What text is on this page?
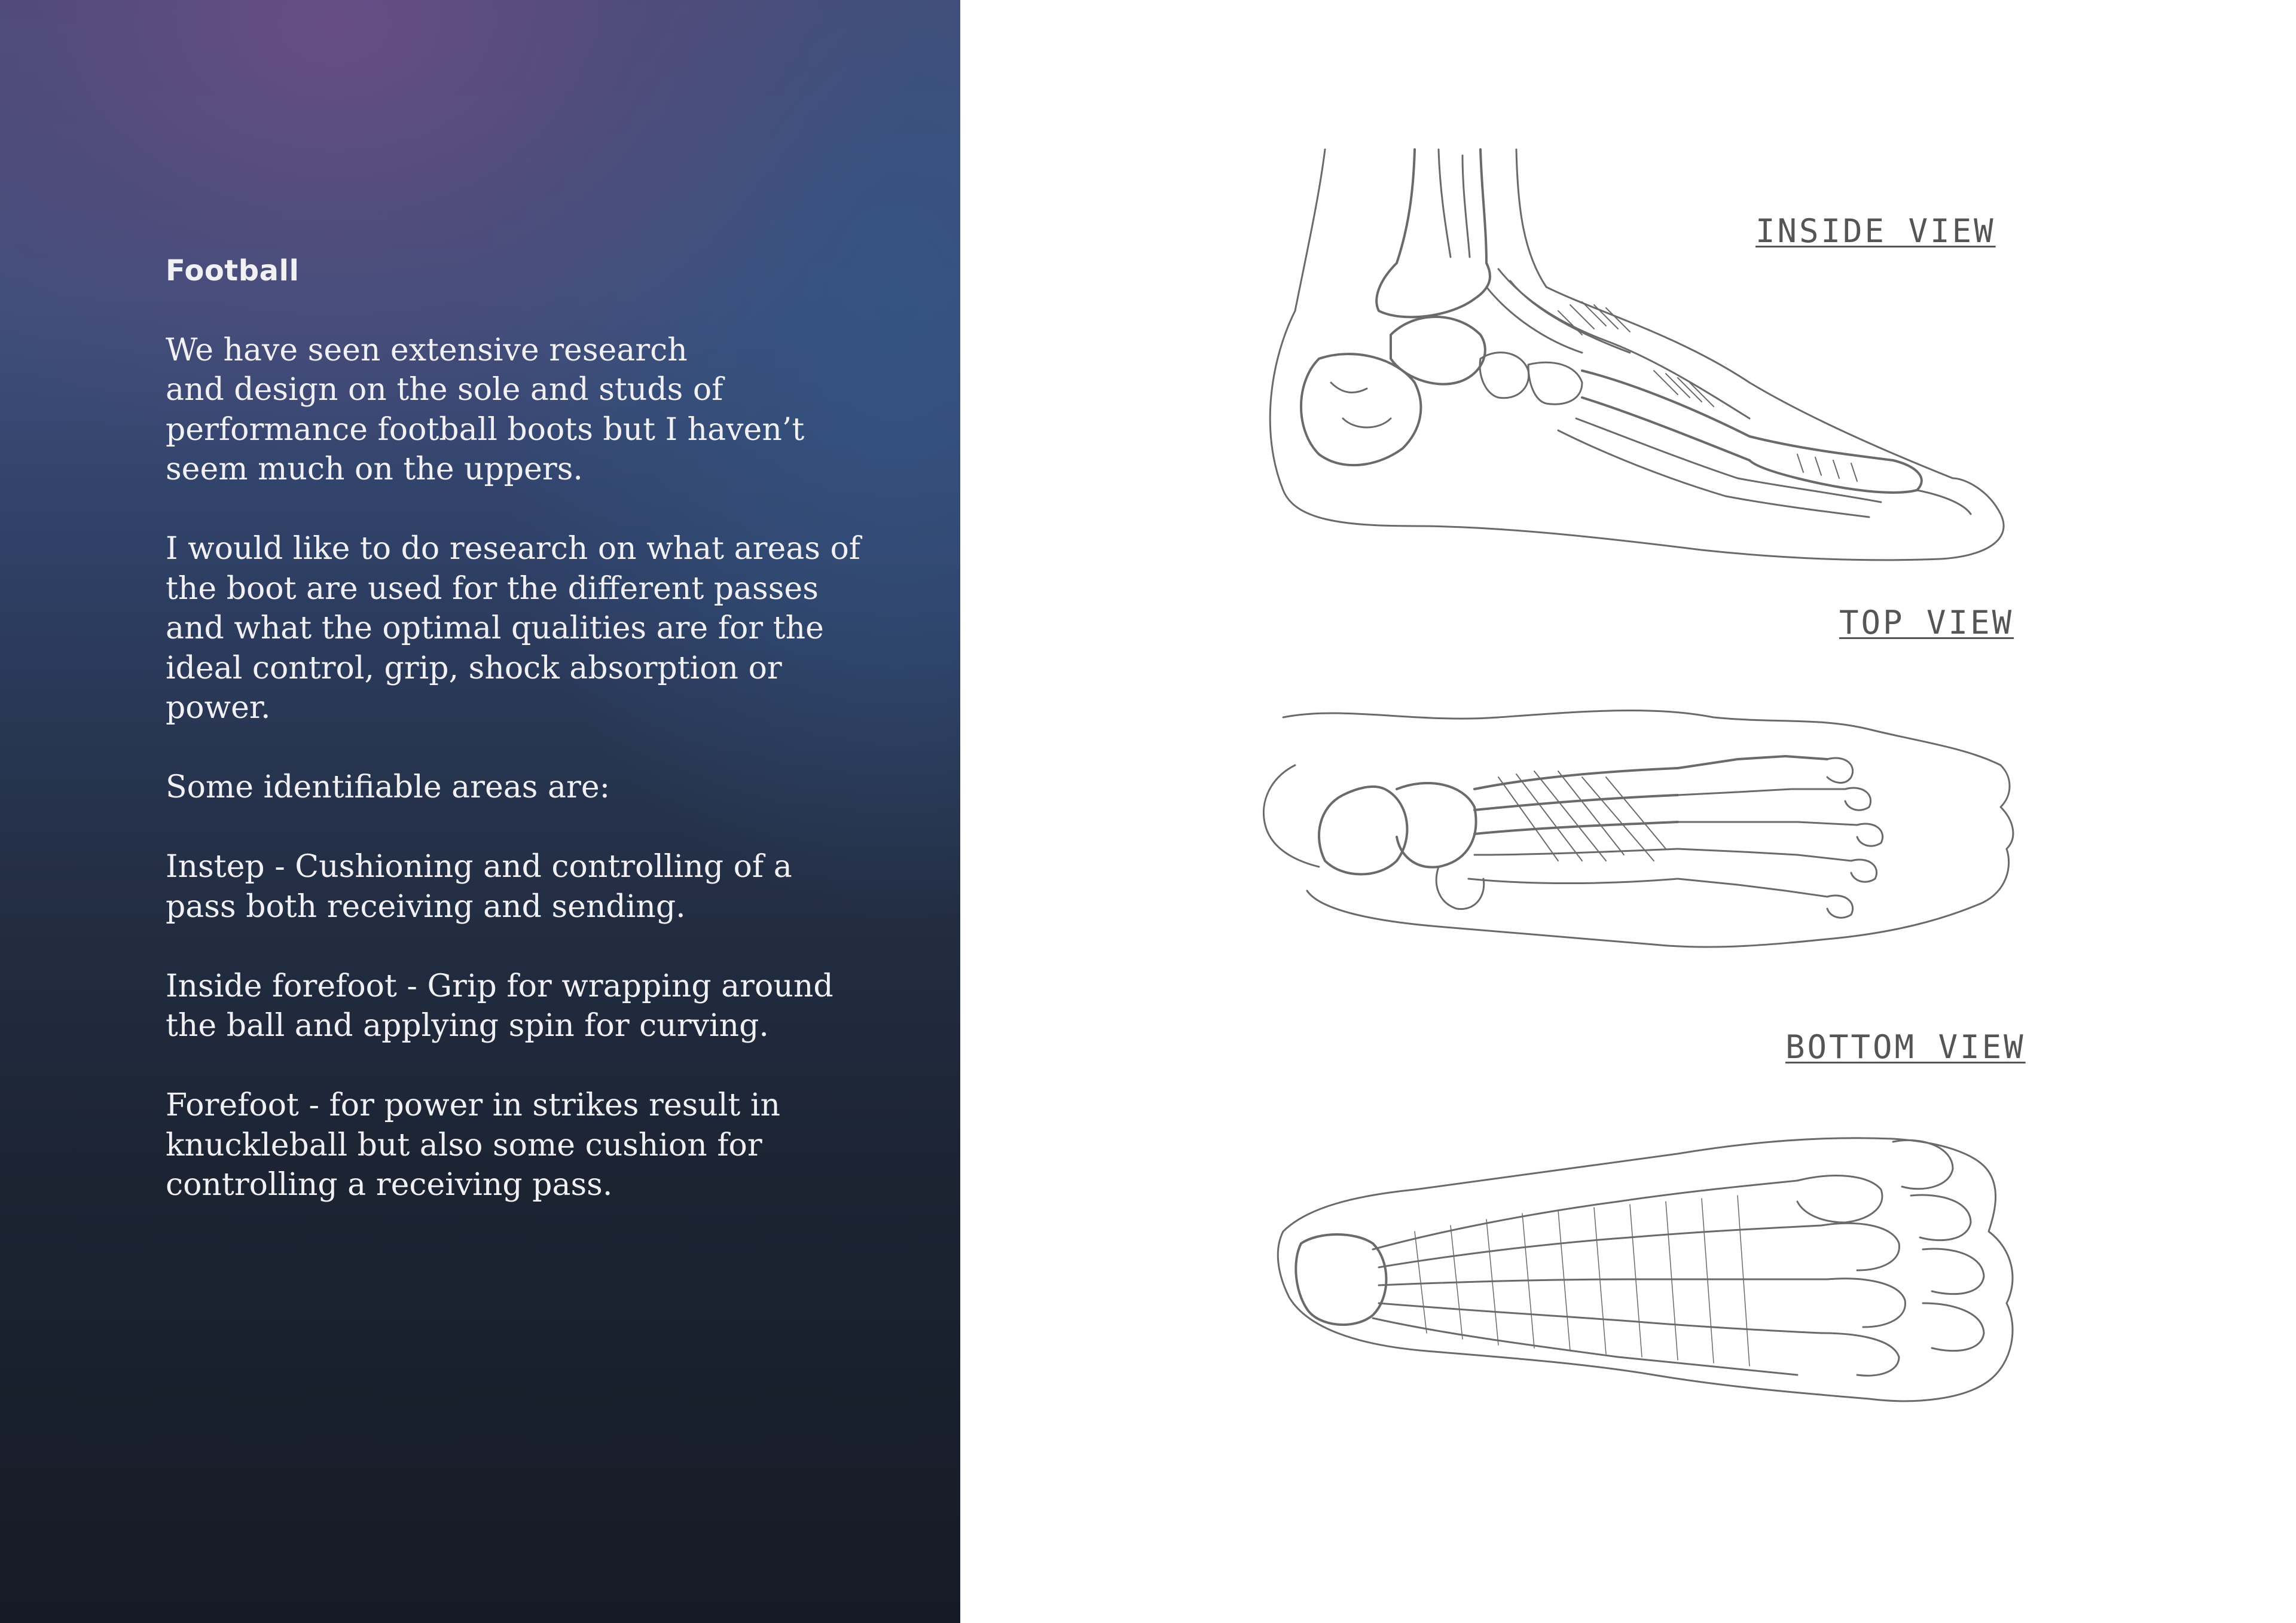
Football

We have seen extensive research
and design on the sole and studs of
performance football boots but I haven’t
seem much on the uppers.

I would like to do research on what areas of
the boot are used for the different passes
and what the optimal qualities are for the
ideal control, grip, shock absorption or
power.

Some identifiable areas are:

Instep - Cushioning and controlling of a
pass both receiving and sending.

Inside forefoot - Grip for wrapping around
the ball and applying spin for curving.

Forefoot - for power in strikes result in
knuckleball but also some cushion for
controlling a receiving pass.

INSIDE VIEW
TOP VIEW
BOTTOM VIEW
